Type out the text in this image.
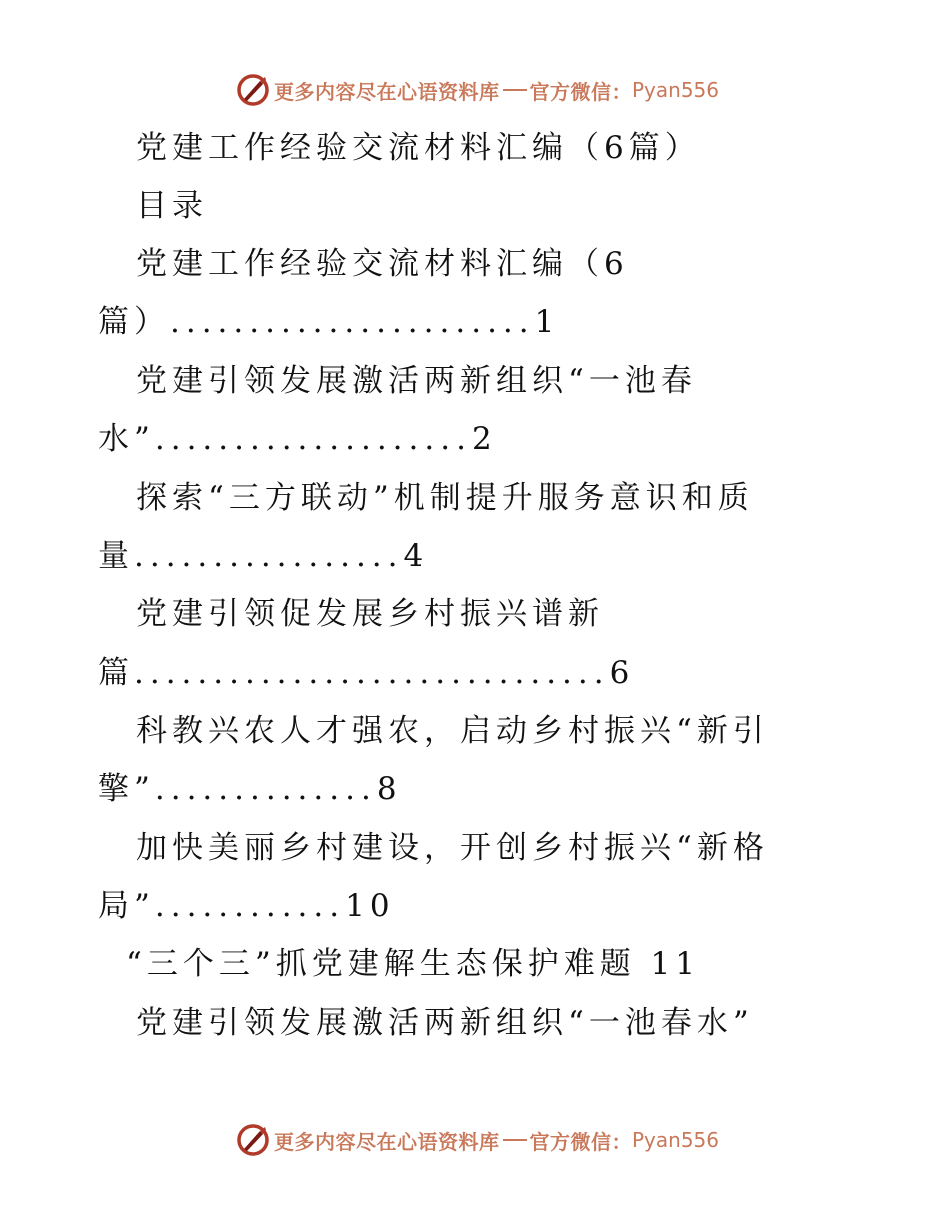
更多内容尽在心语资料库 官方微信： Pyan556
党建工作经验交流材料汇编（6篇）
目录
党建工作经验交流材料汇编（6
篇）.......................1
党建引领发展激活两新组织“一池春
水”....................2
探索“三方联动”机制提升服务意识和质
量.................4
党建引领促发展乡村振兴谱新
篇..............................6
科教兴农人才强农，启动乡村振兴“新引
擎”..............8
加快美丽乡村建设，开创乡村振兴“新格
局”............10
“三个三”抓党建解生态保护难题 11
党建引领发展激活两新组织“一池春水”
更多内容尽在心语资料库 官方微信： Pyan556
